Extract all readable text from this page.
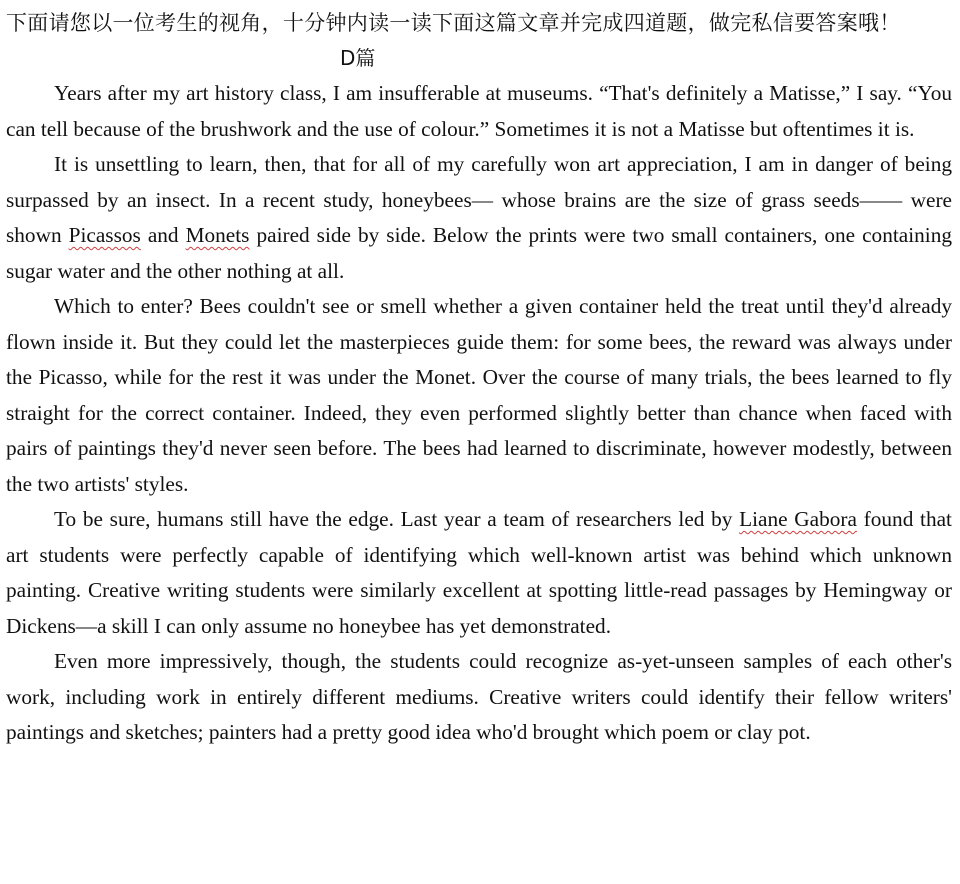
下面请您以一位考生的视角，十分钟内读一读下面这篇文章并完成四道题，做完私信要答案哦！

D篇

Years after my art history class, I am insufferable at museums. “That's definitely a Matisse,” I say. “You can tell because of the brushwork and the use of colour.” Sometimes it is not a Matisse but oftentimes it is.

It is unsettling to learn, then, that for all of my carefully won art appreciation, I am in danger of being surpassed by an insect. In a recent study, honeybees— whose brains are the size of grass seeds—— were shown Picassos and Monets paired side by side. Below the prints were two small containers, one containing sugar water and the other nothing at all.

Which to enter? Bees couldn't see or smell whether a given container held the treat until they'd already flown inside it. But they could let the masterpieces guide them: for some bees, the reward was always under the Picasso, while for the rest it was under the Monet. Over the course of many trials, the bees learned to fly straight for the correct container. Indeed, they even performed slightly better than chance when faced with pairs of paintings they'd never seen before. The bees had learned to discriminate, however modestly, between the two artists' styles.

To be sure, humans still have the edge. Last year a team of researchers led by Liane Gabora found that art students were perfectly capable of identifying which well-known artist was behind which unknown painting. Creative writing students were similarly excellent at spotting little-read passages by Hemingway or Dickens—a skill I can only assume no honeybee has yet demonstrated.

Even more impressively, though, the students could recognize as-yet-unseen samples of each other's work, including work in entirely different mediums. Creative writers could identify their fellow writers' paintings and sketches; painters had a pretty good idea who'd brought which poem or clay pot.
